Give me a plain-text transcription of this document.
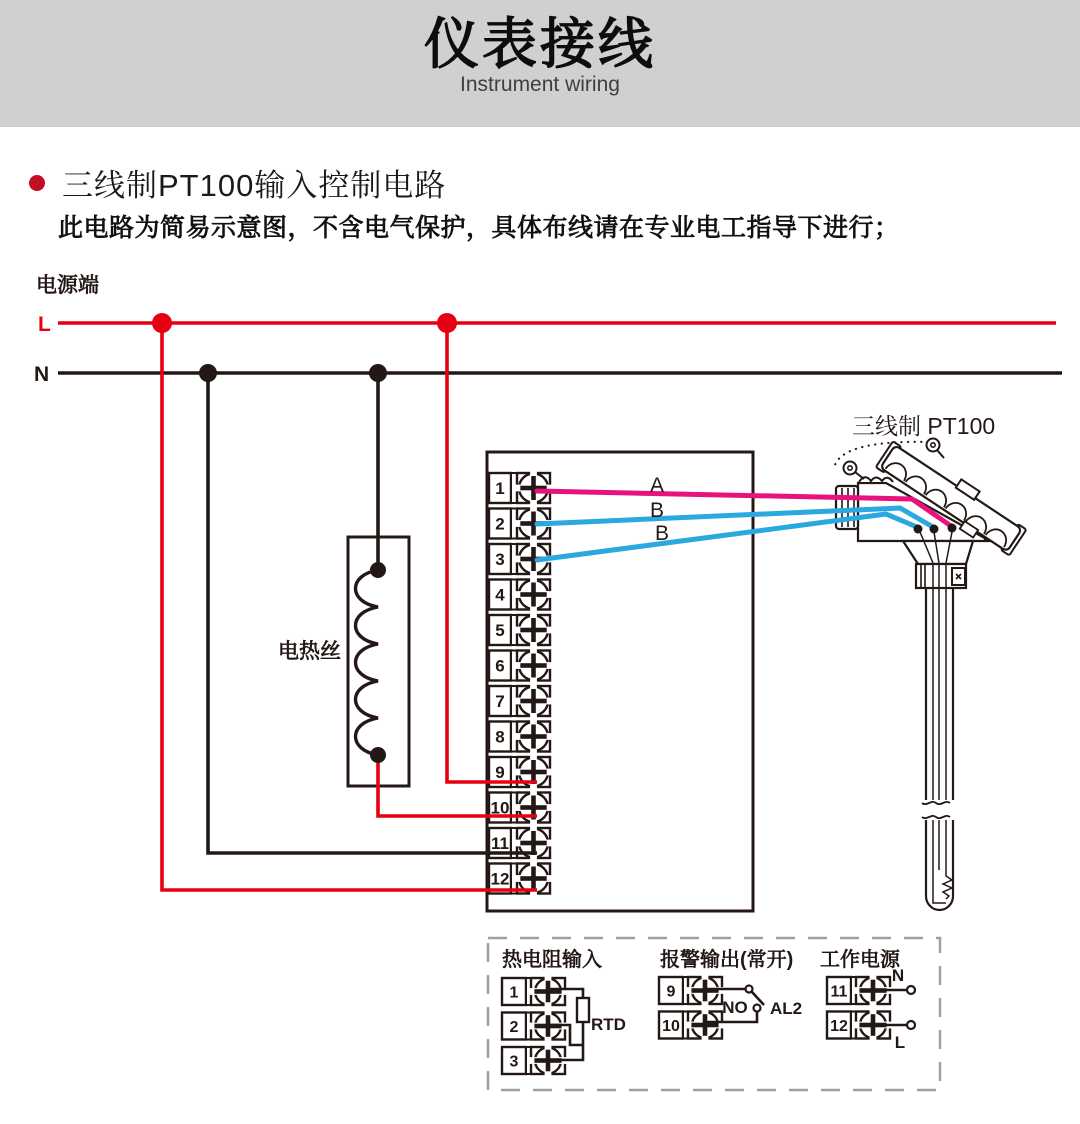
仪表接线
Instrument wiring
三线制PT100输入控制电路
此电路为简易示意图，不含电气保护，具体布线请在专业电工指导下进行；
1
2
3
4
5
6
7
8
9
10
11
12
1
2
3
9
10
11
12
热电阻输入
RTD
报警输出(常开)
NO AL2
工作电源
N
L
电源端
L
N
电热丝
三线制 PT100
A
B
B
